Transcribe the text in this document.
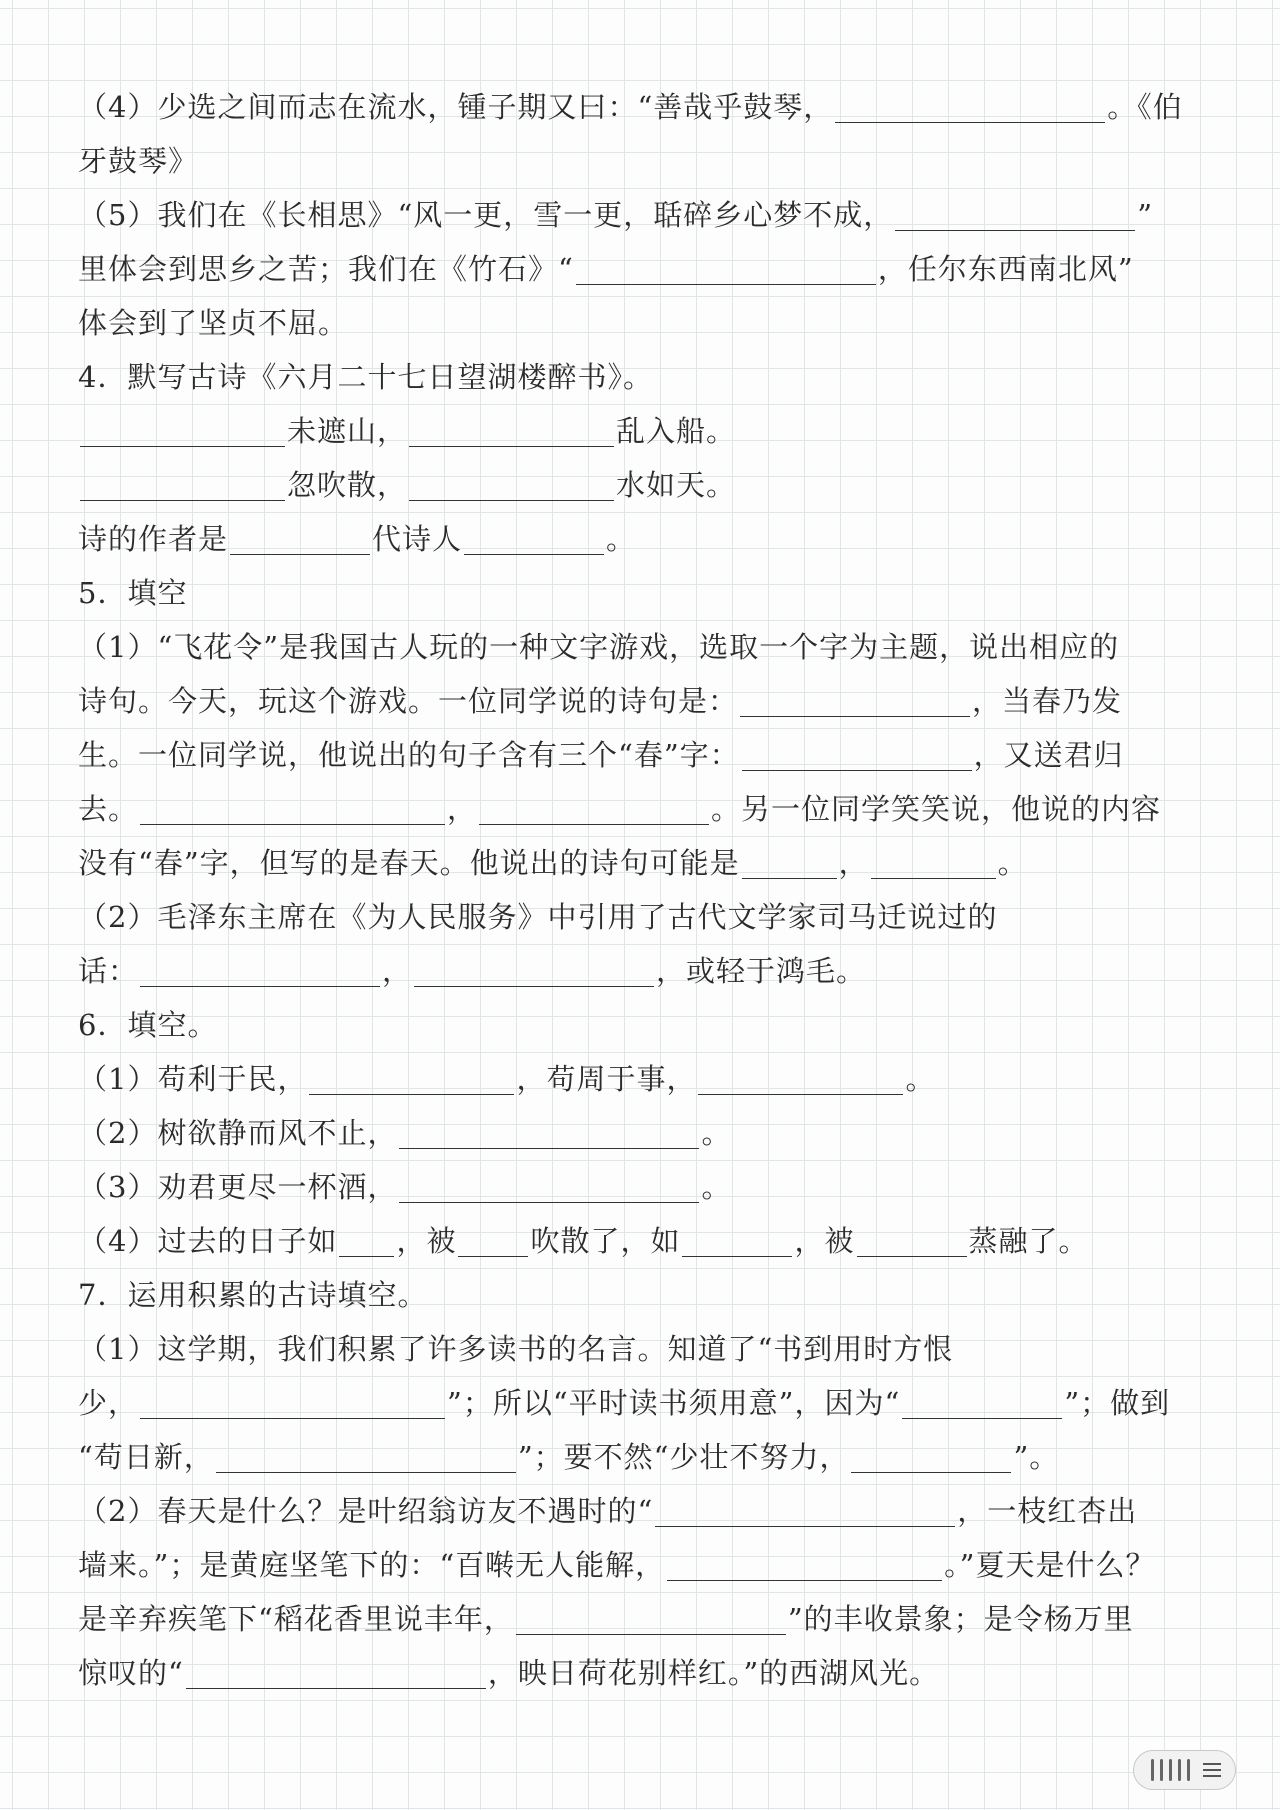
（4）少选之间而志在流水，锺子期又曰：“善哉乎鼓琴，	。《伯
牙鼓琴》
（5）我们在《长相思》“风一更，雪一更，聒碎乡心梦不成，	”
里体会到思乡之苦；我们在《竹石》“	，任尔东西南北风”
体会到了坚贞不屈。
4．默写古诗《六月二十七日望湖楼醉书》。
未遮山，	乱入船。
忽吹散，	水如天。
诗的作者是	代诗人	。
5．填空
（1）“飞花令”是我国古人玩的一种文字游戏，选取一个字为主题，说出相应的
诗句。今天，玩这个游戏。一位同学说的诗句是：	，当春乃发
生。一位同学说，他说出的句子含有三个“春”字：	，又送君归
去。	，	。另一位同学笑笑说，他说的内容
没有“春”字，但写的是春天。他说出的诗句可能是	，	。
（2）毛泽东主席在《为人民服务》中引用了古代文学家司马迁说过的
话：	，	，或轻于鸿毛。
6．填空。
（1）苟利于民，	，苟周于事，	。
（2）树欲静而风不止，	。
（3）劝君更尽一杯酒，	。
（4）过去的日子如 ，被	吹散了，如	，被	蒸融了。
7．运用积累的古诗填空。
（1）这学期，我们积累了许多读书的名言。知道了“书到用时方恨
少，	”；所以“平时读书须用意”，因为“	”；做到
“苟日新，	”；要不然“少壮不努力，	”。
（2）春天是什么？是叶绍翁访友不遇时的“	，一枝红杏出
墙来。”；是黄庭坚笔下的：“百啭无人能解，	。”夏天是什么？
是辛弃疾笔下“稻花香里说丰年，	”的丰收景象；是令杨万里
惊叹的“	，映日荷花别样红。”的西湖风光。
